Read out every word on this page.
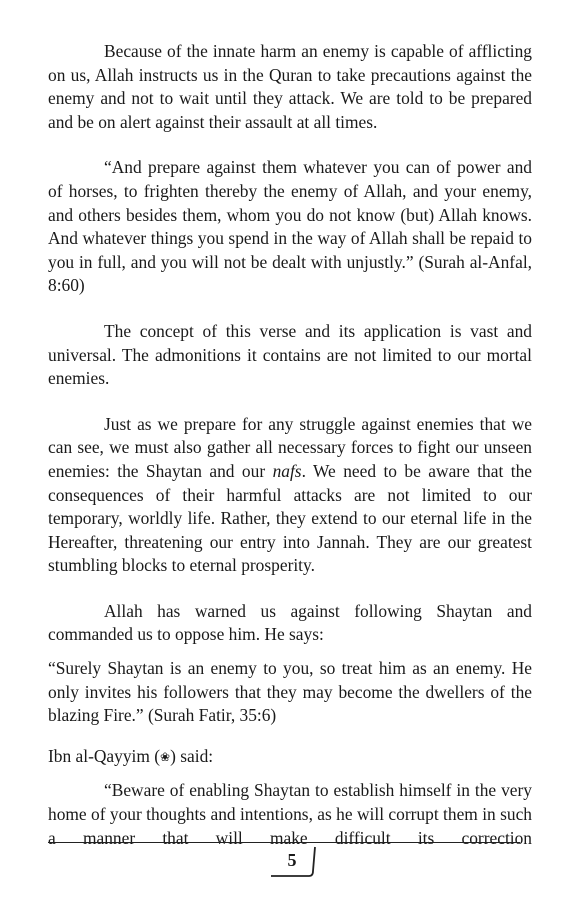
Because of the innate harm an enemy is capable of afflicting on us, Allah instructs us in the Quran to take precautions against the enemy and not to wait until they attack. We are told to be prepared and be on alert against their assault at all times.

“And prepare against them whatever you can of power and of horses, to frighten thereby the enemy of Allah, and your enemy, and others besides them, whom you do not know (but) Allah knows. And whatever things you spend in the way of Allah shall be repaid to you in full, and you will not be dealt with unjustly.” (Surah al-Anfal, 8:60)

The concept of this verse and its application is vast and universal. The admonitions it contains are not limited to our mortal enemies.

Just as we prepare for any struggle against enemies that we can see, we must also gather all necessary forces to fight our unseen enemies: the Shaytan and our nafs. We need to be aware that the consequences of their harmful attacks are not limited to our temporary, worldly life. Rather, they extend to our eternal life in the Hereafter, threatening our entry into Jannah. They are our greatest stumbling blocks to eternal prosperity.

Allah has warned us against following Shaytan and commanded us to oppose him. He says:

“Surely Shaytan is an enemy to you, so treat him as an enemy. He only invites his followers that they may become the dwellers of the blazing Fire.” (Surah Fatir, 35:6)

Ibn al-Qayyim (❀) said:

“Beware of enabling Shaytan to establish himself in the very home of your thoughts and intentions, as he will corrupt them in such a manner that will make difficult its correction

5
